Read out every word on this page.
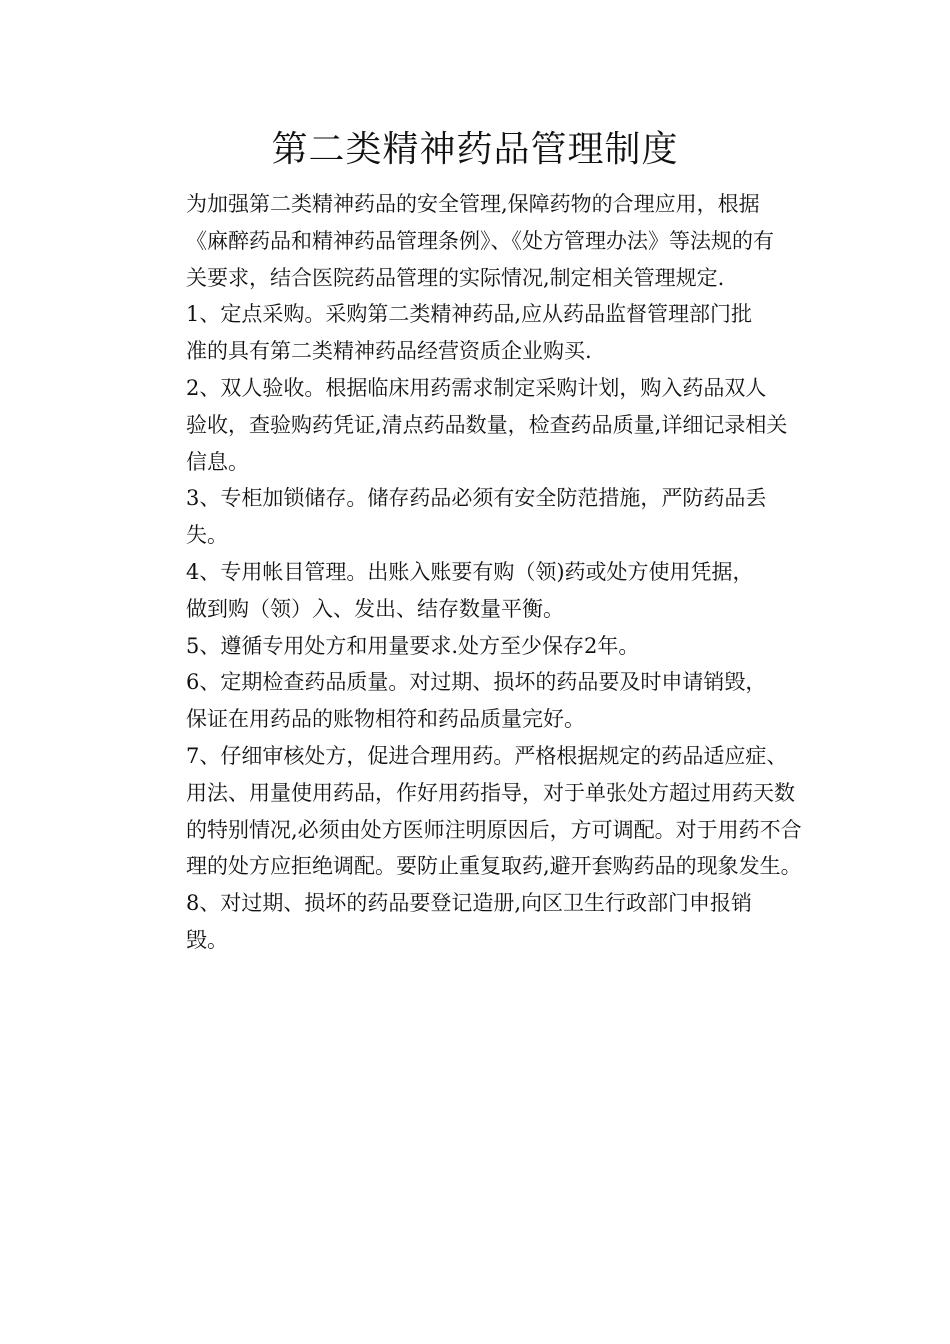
第二类精神药品管理制度

为加强第二类精神药品的安全管理,保障药物的合理应用，根据
《麻醉药品和精神药品管理条例》、《处方管理办法》等法规的有
关要求，结合医院药品管理的实际情况,制定相关管理规定.

1、定点采购。采购第二类精神药品,应从药品监督管理部门批
准的具有第二类精神药品经营资质企业购买.

2、双人验收。根据临床用药需求制定采购计划，购入药品双人
验收，查验购药凭证,清点药品数量，检查药品质量,详细记录相关
信息。

3、专柜加锁储存。储存药品必须有安全防范措施，严防药品丢
失。

4、专用帐目管理。出账入账要有购（领)药或处方使用凭据，
做到购（领）入、发出、结存数量平衡。

5、遵循专用处方和用量要求.处方至少保存2年。

6、定期检查药品质量。对过期、损坏的药品要及时申请销毁，
保证在用药品的账物相符和药品质量完好。

7、仔细审核处方，促进合理用药。严格根据规定的药品适应症、
用法、用量使用药品，作好用药指导，对于单张处方超过用药天数
的特别情况,必须由处方医师注明原因后，方可调配。对于用药不合
理的处方应拒绝调配。要防止重复取药,避开套购药品的现象发生。

8、对过期、损坏的药品要登记造册,向区卫生行政部门申报销
毁。
